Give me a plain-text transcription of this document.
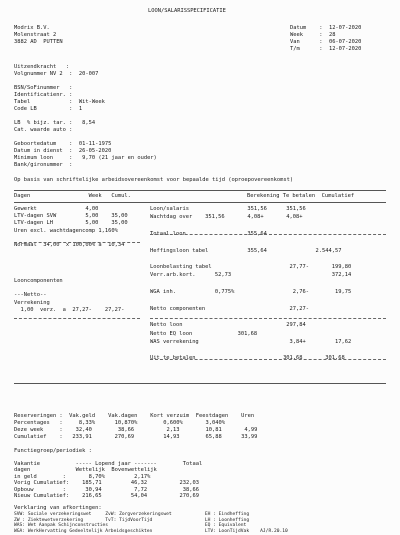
LOON/SALARISSPECIFICATIE
Modrix B.V.
Molenstraat 2
3882 AD  PUTTEN
Datum    :  12-07-2020
Week     :  28
Van      :  06-07-2020
T/m      :  12-07-2020
Uitzendkracht   :
Volgnummer NV 2  :  20-007
BSN/SoFinummer   :
Identificatienr. :
Tabel            :  Wit-Week
Code LB          :  1
LB  % bijz. tar. :   8,54
Cat. waarde auto :
Geboortedatum    :  01-11-1975
Datum in dienst  :  26-05-2020
Minimum loon     :   9,70 (21 jaar en ouder)
Bank/gironummer  :
Op basis van schriftelijke arbeidsovereenkomst voor bepaalde tijd (oproepovereenkomst)
Dagen                  Week   Cumul.	Berekening Te betalen  Cumulatief
Gewerkt               4,00
LTV-dagen SVW         5,00    35,00
LTV-dagen LH          5,00    35,00
Uren excl. wachtdagencomp 1,160%
Normaal  34,00  x 100,00% a  10,34
Looncomponenten
---Netto--
Verrekening
1,00  verz.  a  27,27-    27,27-
Loon/salaris                  351,56      351,56
Wachtdag over    351,56       4,08+       4,08+
Totaal loon                   355,64
Heffingsloon tabel            355,64               2.544,57
Loonbelasting tabel                        27,77-       199,80
Verr.arb.kort.      52,73                               372,14
WGA inh.            0,775%                  2,76-        19,75
Netto componenten                          27,27-
Netto loon                                297,84
Netto EQ loon              301,68
WAS verrekening                            3,84+         17,62
Uit te betalen                           301,68       301,68
Reserveringen :  Vak.geld    Vak.dagen    Kort verzuim  Feestdagen    Uren
Percentages   :     8,33%      10,870%        0,600%       3,040%
Deze week     :    32,40        38,66          2,13        10,81       4,99
Cumulatief    :   233,91       270,69         14,93        65,88      33,99
Functiegroep/periodiek :
Vakantie           ----- Lopend jaar -------        Totaal
dagen              Wettelijk  Bovenwettelijk
in geld        :       8,70%         2,17%
Vorig Cumulatief:    185,71         46,32          232,03
Opbouw         :      30,94          7,72           38,66
Nieuw Cumulatief:    216,65         54,04          270,69
Verklaring van afkortingen:
SVW: Sociale verzekeringswet     ZvW: Zorgverzekeringswet            EH : Eindheffing
ZW : Ziektewetverzekering        TvT: TijdVoorTijd                   LH : Loonheffing
WAS: Wet Aanpak Schijnconstructies                                   EQ : Equivalent
WGA: WerkHervatting Gedeeltelijk Arbeidsgeschikten                   LTV: LoonTijdVak    AJ/R.20.10
